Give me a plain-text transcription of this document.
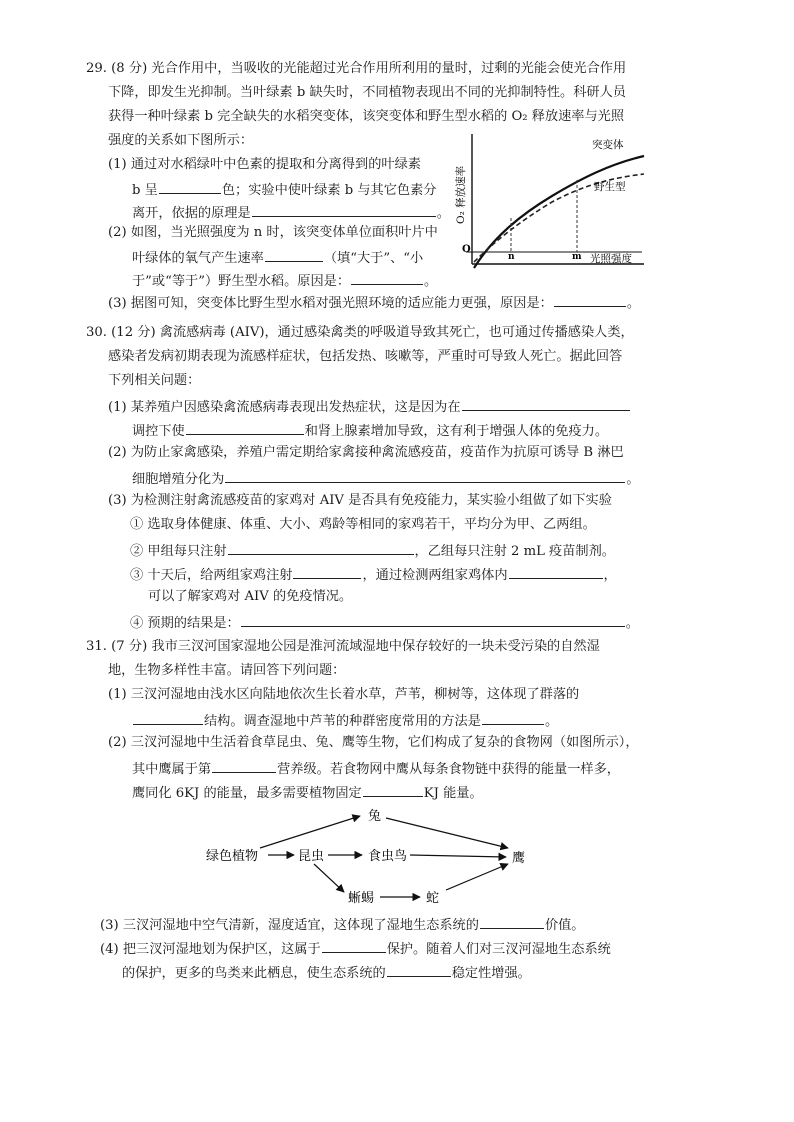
29. (8 分) 光合作用中，当吸收的光能超过光合作用所利用的量时，过剩的光能会使光合作用
下降，即发生光抑制。当叶绿素 b 缺失时，不同植物表现出不同的光抑制特性。科研人员
获得一种叶绿素 b 完全缺失的水稻突变体，该突变体和野生型水稻的 O₂ 释放速率与光照
强度的关系如下图所示：
(1) 通过对水稻绿叶中色素的提取和分离得到的叶绿素
b 呈	色；实验中使叶绿素 b 与其它色素分
离开，依据的原理是	。
(2) 如图，当光照强度为 n 时，该突变体单位面积叶片中
叶绿体的氧气产生速率	（填“大于”、“小
于”或“等于”）野生型水稻。原因是：	。
(3) 据图可知，突变体比野生型水稻对强光照环境的适应能力更强，原因是：	。
O
n	m 光照强度
突变体
野生型
O₂ 释放速率
30. (12 分) 禽流感病毒 (AIV)，通过感染禽类的呼吸道导致其死亡，也可通过传播感染人类，
感染者发病初期表现为流感样症状，包括发热、咳嗽等，严重时可导致人死亡。据此回答
下列相关问题：
(1) 某养殖户因感染禽流感病毒表现出发热症状，这是因为在
调控下使	和肾上腺素增加导致，这有利于增强人体的免疫力。
(2) 为防止家禽感染，养殖户需定期给家禽接种禽流感疫苗，疫苗作为抗原可诱导 B 淋巴
细胞增殖分化为	。
(3) 为检测注射禽流感疫苗的家鸡对 AIV 是否具有免疫能力，某实验小组做了如下实验
① 选取身体健康、体重、大小、鸡龄等相同的家鸡若干，平均分为甲、乙两组。
② 甲组每只注射	，乙组每只注射 2 mL 疫苗制剂。
③ 十天后，给两组家鸡注射	，通过检测两组家鸡体内	，
可以了解家鸡对 AIV 的免疫情况。
④ 预期的结果是：	。
31. (7 分) 我市三汊河国家湿地公园是淮河流域湿地中保存较好的一块未受污染的自然湿
地，生物多样性丰富。请回答下列问题：
(1) 三汊河湿地由浅水区向陆地依次生长着水草，芦苇，柳树等，这体现了群落的
结构。调查湿地中芦苇的种群密度常用的方法是	。
(2) 三汊河湿地中生活着食草昆虫、兔、鹰等生物，它们构成了复杂的食物网（如图所示），
其中鹰属于第	营养级。若食物网中鹰从每条食物链中获得的能量一样多，
鹰同化 6KJ 的能量，最多需要植物固定	KJ 能量。
绿色植物	昆虫
兔
食虫鸟	鹰
蜥蜴	蛇
(3) 三汊河湿地中空气清新，湿度适宜，这体现了湿地生态系统的	价值。
(4) 把三汊河湿地划为保护区，这属于	保护。随着人们对三汊河湿地生态系统
的保护，更多的鸟类来此栖息，使生态系统的	稳定性增强。
